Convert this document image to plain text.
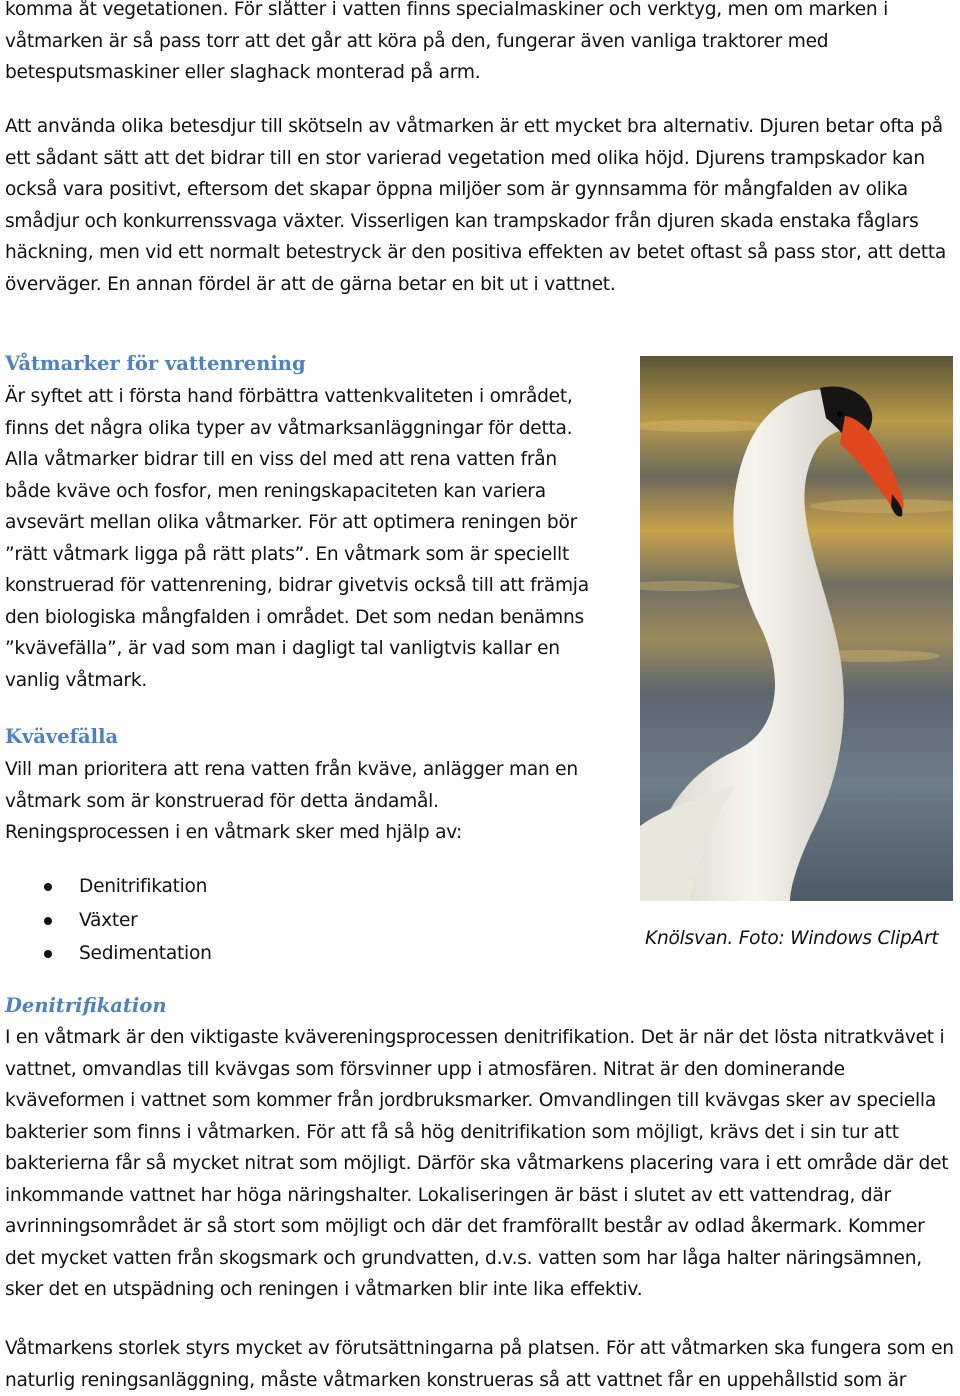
komma åt vegetationen. För slåtter i vatten finns specialmaskiner och verktyg, men om marken i våtmarken är så pass torr att det går att köra på den, fungerar även vanliga traktorer med betesputsmaskiner eller slaghack monterad på arm.

Att använda olika betesdjur till skötseln av våtmarken är ett mycket bra alternativ. Djuren betar ofta på ett sådant sätt att det bidrar till en stor varierad vegetation med olika höjd. Djurens trampskador kan också vara positivt, eftersom det skapar öppna miljöer som är gynnsamma för mångfalden av olika smådjur och konkurrenssvaga växter. Visserligen kan trampskador från djuren skada enstaka fåglars häckning, men vid ett normalt betestryck är den positiva effekten av betet oftast så pass stor, att detta överväger. En annan fördel är att de gärna betar en bit ut i vattnet.

Våtmarker för vattenrening

Är syftet att i första hand förbättra vattenkvaliteten i området, finns det några olika typer av våtmarksanläggningar för detta. Alla våtmarker bidrar till en viss del med att rena vatten från både kväve och fosfor, men reningskapaciteten kan variera avsevärt mellan olika våtmarker. För att optimera reningen bör ”rätt våtmark ligga på rätt plats”. En våtmark som är speciellt konstruerad för vattenrening, bidrar givetvis också till att främja den biologiska mångfalden i området. Det som nedan benämns ”kvävefälla”, är vad som man i dagligt tal vanligtvis kallar en vanlig våtmark.

Kvävefälla

Vill man prioritera att rena vatten från kväve, anlägger man en våtmark som är konstruerad för detta ändamål. Reningsprocessen i en våtmark sker med hjälp av:

Denitrifikation
Växter
Sedimentation

Knölsvan. Foto: Windows ClipArt

Denitrifikation

I en våtmark är den viktigaste kvävereningsprocessen denitrifikation. Det är när det lösta nitratkvävet i vattnet, omvandlas till kvävgas som försvinner upp i atmosfären. Nitrat är den dominerande kväveformen i vattnet som kommer från jordbruksmarker. Omvandlingen till kvävgas sker av speciella bakterier som finns i våtmarken. För att få så hög denitrifikation som möjligt, krävs det i sin tur att bakterierna får så mycket nitrat som möjligt. Därför ska våtmarkens placering vara i ett område där det inkommande vattnet har höga näringshalter. Lokaliseringen är bäst i slutet av ett vattendrag, där avrinningsområdet är så stort som möjligt och där det framförallt består av odlad åkermark. Kommer det mycket vatten från skogsmark och grundvatten, d.v.s. vatten som har låga halter näringsämnen, sker det en utspädning och reningen i våtmarken blir inte lika effektiv.

Våtmarkens storlek styrs mycket av förutsättningarna på platsen. För att våtmarken ska fungera som en naturlig reningsanläggning, måste våtmarken konstrueras så att vattnet får en uppehållstid som är
